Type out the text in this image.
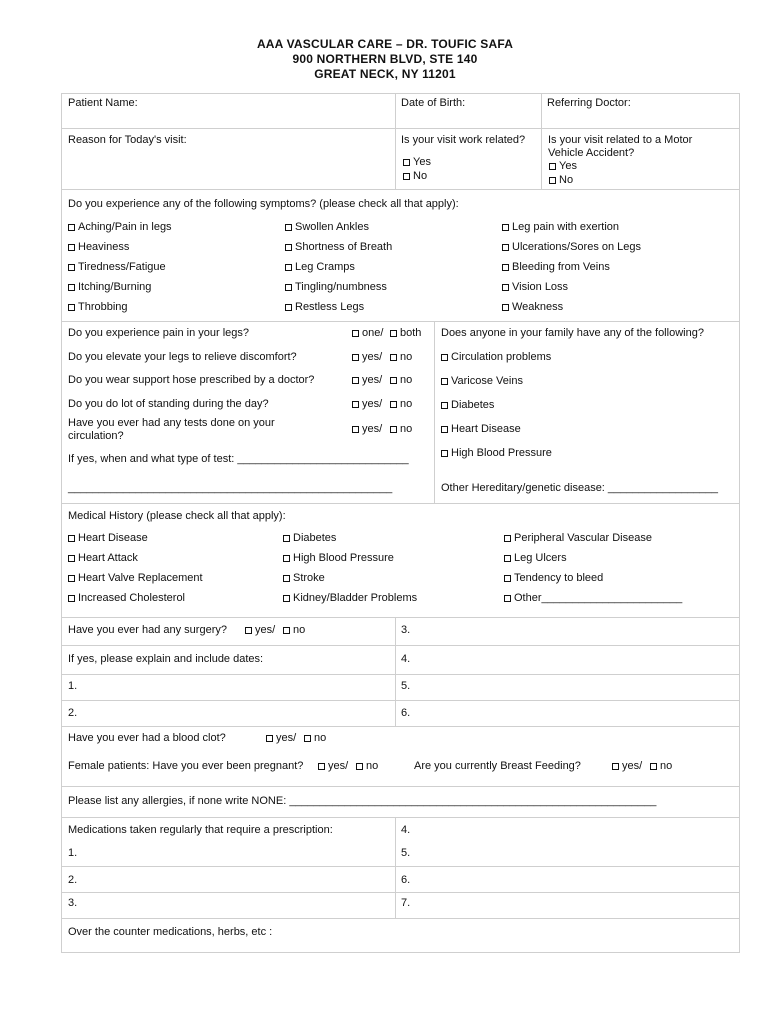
AAA VASCULAR CARE – DR. TOUFIC SAFA
900 NORTHERN BLVD, STE 140
GREAT NECK, NY 11201
Patient Name:	Date of Birth:	Referring Doctor:
Reason for Today's visit:	Is your visit work related?
Yes
No
Is your visit related to a Motor Vehicle Accident?
Yes
No
Do you experience any of the following symptoms? (please check all that apply):
Aching/Pain in legs
Heaviness
Tiredness/Fatigue
Itching/Burning
Throbbing
Swollen Ankles
Shortness of Breath
Leg Cramps
Tingling/numbness
Restless Legs
Leg pain with exertion
Ulcerations/Sores on Legs
Bleeding from Veins
Vision Loss
Weakness
Do you experience pain in your legs?	one/	both
Do you elevate your legs to relieve discomfort?	yes/	no
Do you wear support hose prescribed by a doctor?	yes/	no
Do you do lot of standing during the day?	yes/	no
Have you ever had any tests done on your circulation?
yes/	no
If yes, when and what type of test: ____________________________
_____________________________________________________
Does anyone in your family have any of the following?
Circulation problems
Varicose Veins
Diabetes
Heart Disease
High Blood Pressure
Other Hereditary/genetic disease: __________________
Medical History (please check all that apply):
Heart Disease
Heart Attack
Heart Valve Replacement
Increased Cholesterol
Diabetes
High Blood Pressure
Stroke
Kidney/Bladder Problems
Peripheral Vascular Disease
Leg Ulcers
Tendency to bleed
Other_______________________
Have you ever had any surgery?	yes/	no	3.
If yes, please explain and include dates:	4.
1.	5.
2.	6.
Have you ever had a blood clot?	yes/	no
Female patients: Have you ever been pregnant?	yes/	no	Are you currently Breast Feeding?	yes/	no
Please list any allergies, if none write NONE: ____________________________________________________________
Medications taken regularly that require a prescription:	4.
1.	5.
2.	6.
3.	7.
Over the counter medications, herbs, etc :
